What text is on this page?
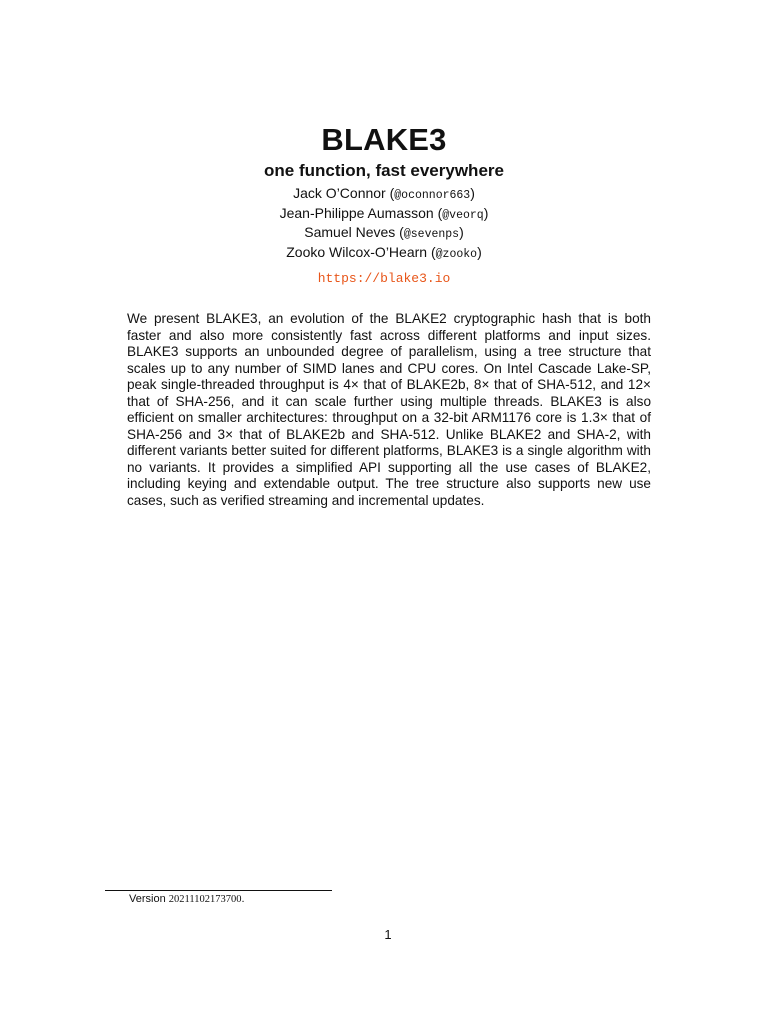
BLAKE3
one function, fast everywhere
Jack O’Connor (@oconnor663)
Jean-Philippe Aumasson (@veorq)
Samuel Neves (@sevenps)
Zooko Wilcox-O’Hearn (@zooko)
https://blake3.io
We present BLAKE3, an evolution of the BLAKE2 cryptographic hash that is both faster and also more consistently fast across different platforms and input sizes. BLAKE3 supports an unbounded degree of parallelism, using a tree structure that scales up to any number of SIMD lanes and CPU cores. On Intel Cascade Lake-SP, peak single-threaded throughput is 4× that of BLAKE2b, 8× that of SHA-512, and 12× that of SHA-256, and it can scale further using multiple threads. BLAKE3 is also efficient on smaller architectures: throughput on a 32-bit ARM1176 core is 1.3× that of SHA-256 and 3× that of BLAKE2b and SHA-512. Unlike BLAKE2 and SHA-2, with different variants better suited for different platforms, BLAKE3 is a single algorithm with no variants. It provides a simplified API supporting all the use cases of BLAKE2, including keying and extendable output. The tree structure also supports new use cases, such as verified streaming and incremental updates.
Version 20211102173700.
1
